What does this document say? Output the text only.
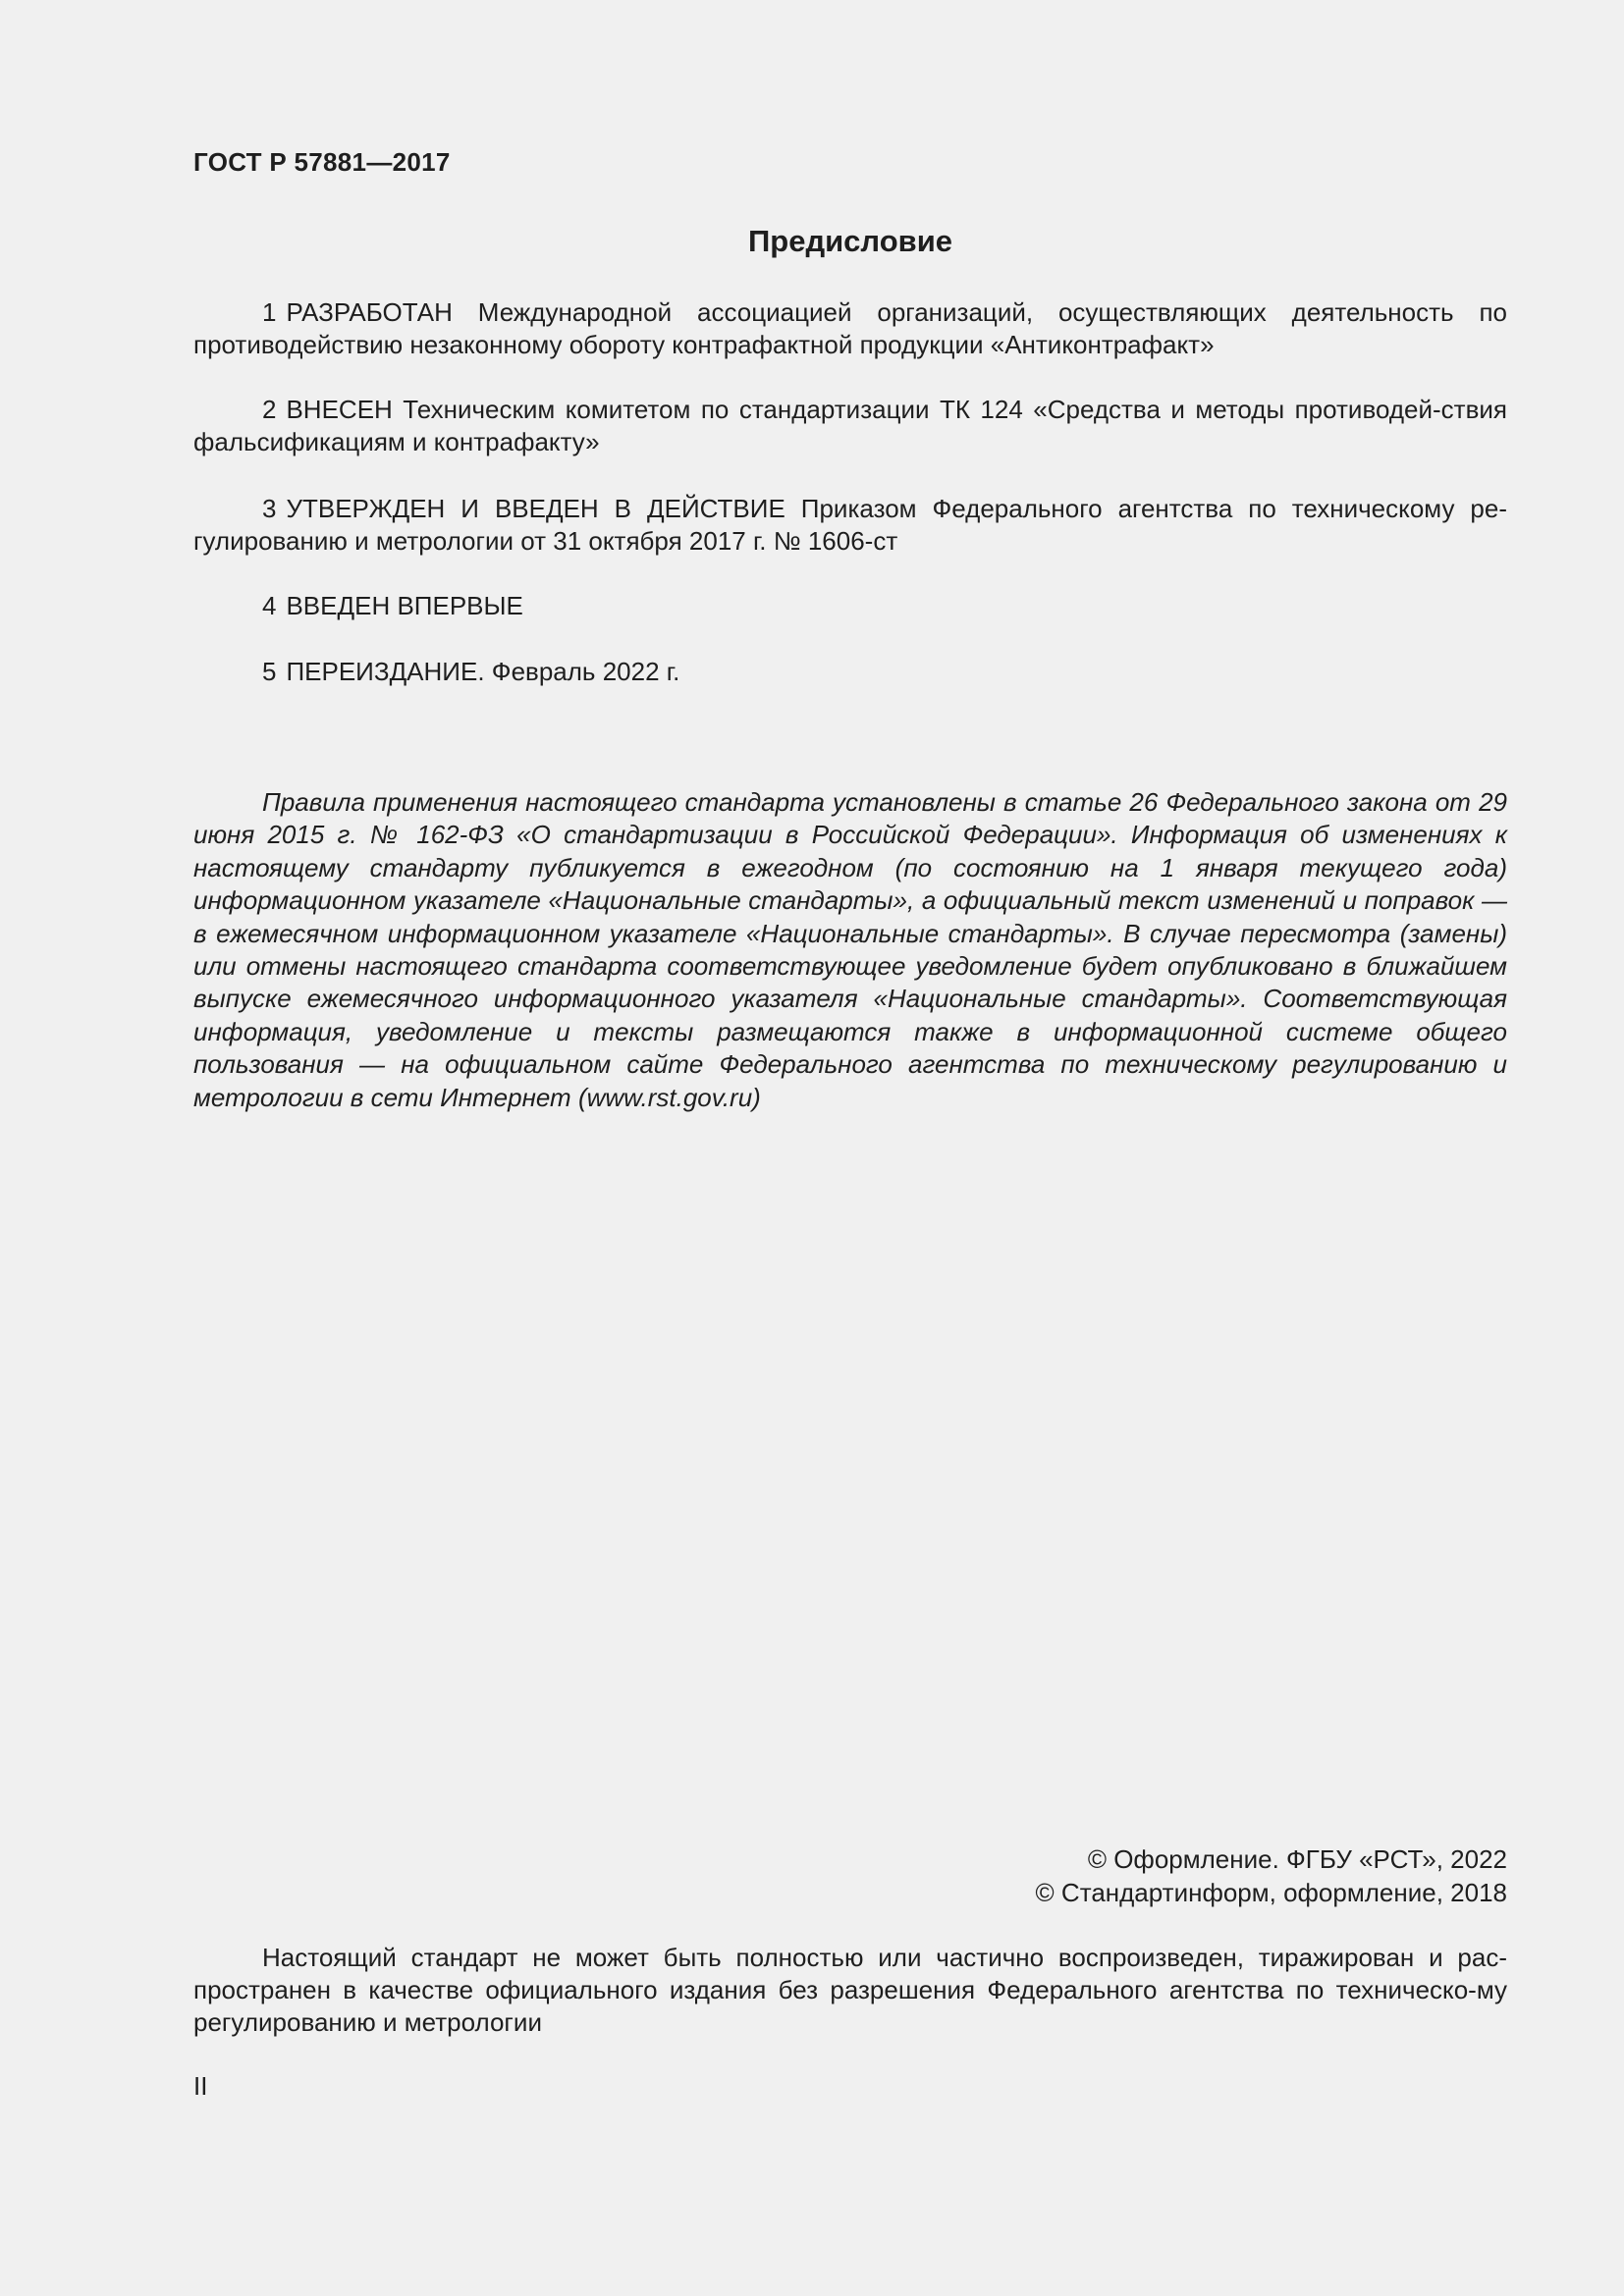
ГОСТ Р 57881—2017
Предисловие
1 РАЗРАБОТАН Международной ассоциацией организаций, осуществляющих деятельность по противодействию незаконному обороту контрафактной продукции «Антиконтрафакт»
2 ВНЕСЕН Техническим комитетом по стандартизации ТК 124 «Средства и методы противодей-ствия фальсификациям и контрафакту»
3 УТВЕРЖДЕН И ВВЕДЕН В ДЕЙСТВИЕ Приказом Федерального агентства по техническому ре-гулированию и метрологии от 31 октября 2017 г. № 1606-ст
4 ВВЕДЕН ВПЕРВЫЕ
5 ПЕРЕИЗДАНИЕ. Февраль 2022 г.
Правила применения настоящего стандарта установлены в статье 26 Федерального закона от 29 июня 2015 г. № 162-ФЗ «О стандартизации в Российской Федерации». Информация об изменениях к настоящему стандарту публикуется в ежегодном (по состоянию на 1 января текущего года) информационном указателе «Национальные стандарты», а официальный текст изменений и поправок — в ежемесячном информационном указателе «Национальные стандарты». В случае пересмотра (замены) или отмены настоящего стандарта соответствующее уведомление будет опубликовано в ближайшем выпуске ежемесячного информационного указателя «Национальные стандарты». Соответствующая информация, уведомление и тексты размещаются также в информационной системе общего пользования — на официальном сайте Федерального агентства по техническому регулированию и метрологии в сети Интернет (www.rst.gov.ru)
© Оформление. ФГБУ «РСТ», 2022
© Стандартинформ, оформление, 2018
Настоящий стандарт не может быть полностью или частично воспроизведен, тиражирован и рас-пространен в качестве официального издания без разрешения Федерального агентства по техническо-му регулированию и метрологии
II
